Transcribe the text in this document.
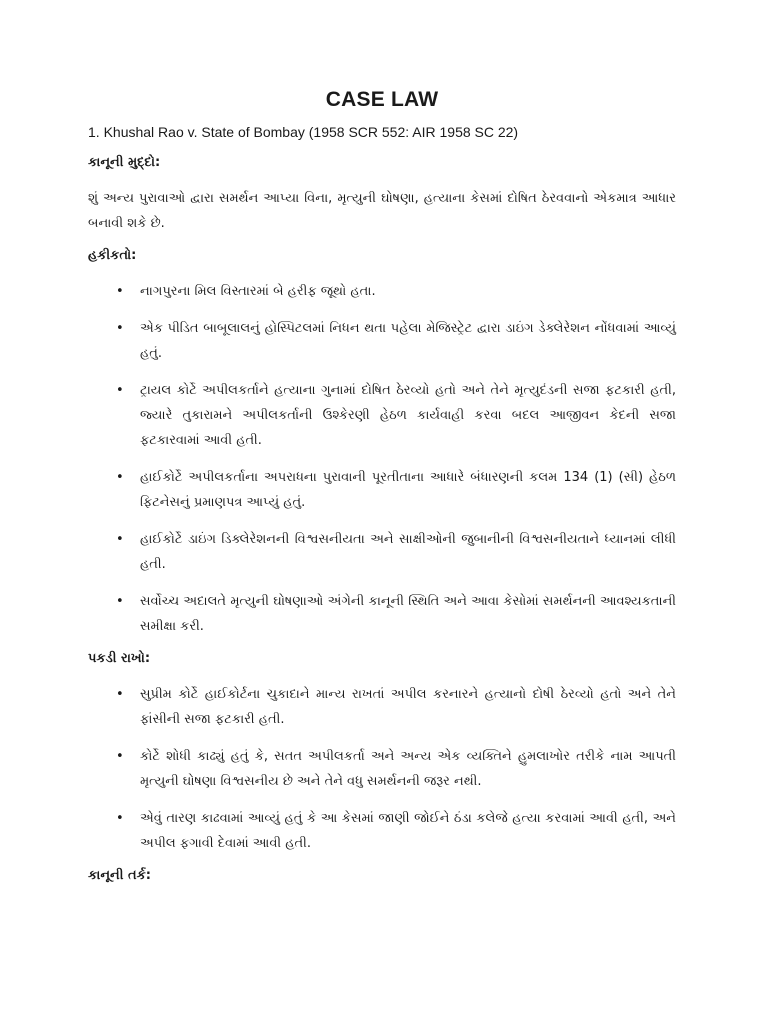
CASE LAW
1. Khushal Rao v. State of Bombay (1958 SCR 552: AIR 1958 SC 22)
કાનૂની મુદ્દો:
શું અન્ય પુરાવાઓ દ્વારા સમર્થન આપ્યા વિના, મૃત્યુની ઘોષણા, હત્યાના કેસમાં દોષિત ઠેરવવાનો એકમાત્ર આધાર બનાવી શકે છે.
હકીકતો:
• નાગપુરના મિલ વિસ્તારમાં બે હરીફ જૂથો હતા.
• એક પીડિત બાબૂલાલનું હોસ્પિટલમાં નિધન થતા પહેલા મેજિસ્ટ્રેટ દ્વારા ડાઇંગ ડેક્લેરેશન નોંધવામાં આવ્યું હતું.
• ટ્રાયલ કોર્ટે અપીલકર્તાને હત્યાના ગુનામાં દોષિત ઠેરવ્યો હતો અને તેને મૃત્યુદંડની સજા ફટકારી હતી, જ્યારે તુકારામને અપીલકર્તાની ઉશ્કેરણી હેઠળ કાર્યવાહી કરવા બદલ આજીવન કેદની સજા ફટકારવામાં આવી હતી.
• હાઈકોર્ટે અપીલકર્તાના અપરાધના પુરાવાની પૂરતીતાના આધારે બંધારણની કલમ 134 (1) (સી) હેઠળ ફિટનેસનું પ્રમાણપત્ર આપ્યું હતું.
• હાઈકોર્ટે ડાઇંગ ડિક્લેરેશનની વિશ્વસનીયતા અને સાક્ષીઓની જુબાનીની વિશ્વસનીયતાને ધ્યાનમાં લીધી હતી.
• સર્વોચ્ચ અદાલતે મૃત્યુની ઘોષણાઓ અંગેની કાનૂની સ્થિતિ અને આવા કેસોમાં સમર્થનની આવશ્યકતાની સમીક્ષા કરી.
પકડી રાખો:
• સુપ્રીમ કોર્ટે હાઈકોર્ટના ચુકાદાને માન્ય રાખતાં અપીલ કરનારને હત્યાનો દોષી ઠેરવ્યો હતો અને તેને ફાંસીની સજા ફટકારી હતી.
• કોર્ટે શોધી કાઢ્યું હતું કે, સતત અપીલકર્તા અને અન્ય એક વ્યક્તિને હુમલાખોર તરીકે નામ આપતી મૃત્યુની ઘોષણા વિશ્વસનીય છે અને તેને વધુ સમર્થનની જરૂર નથી.
• એવું તારણ કાઢવામાં આવ્યું હતું કે આ કેસમાં જાણી જોઈને ઠંડા કલેજે હત્યા કરવામાં આવી હતી, અને અપીલ ફગાવી દેવામાં આવી હતી.
કાનૂની તર્ક:
